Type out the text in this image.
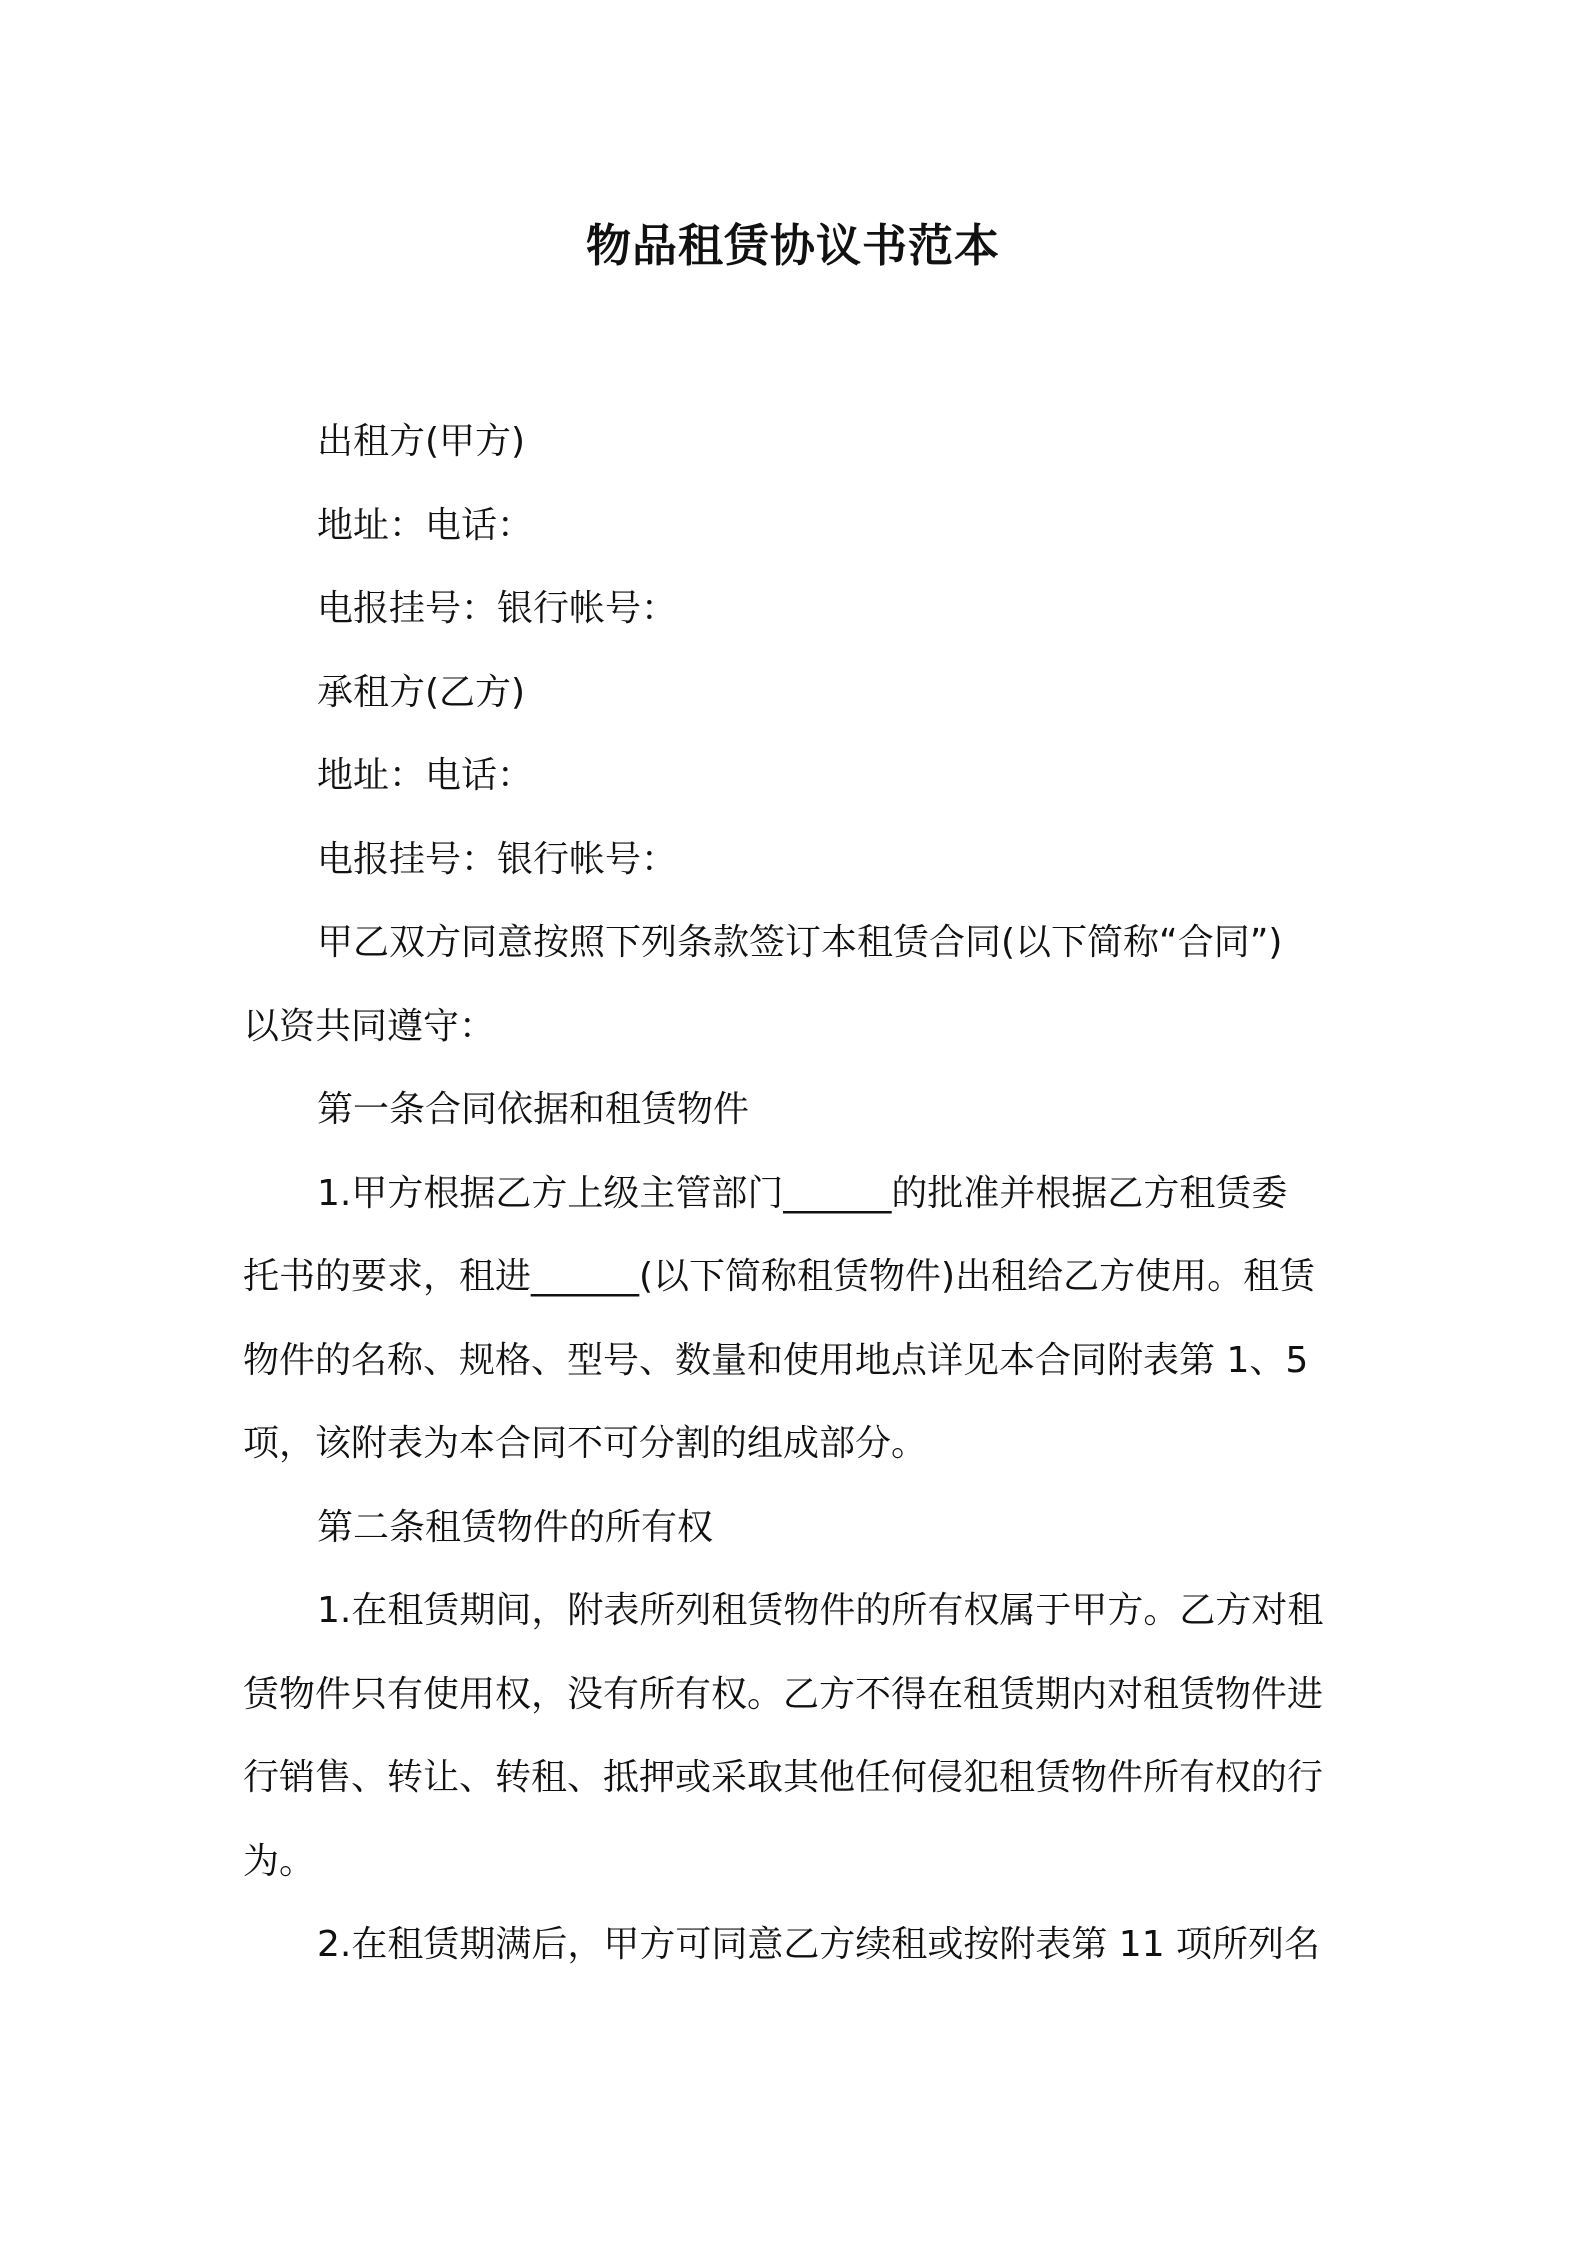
物品租赁协议书范本
出租方(甲方)
地址：电话：
电报挂号：银行帐号：
承租方(乙方)
地址：电话：
电报挂号：银行帐号：
甲乙双方同意按照下列条款签订本租赁合同(以下简称“合同”)
以资共同遵守：
第一条合同依据和租赁物件
1.甲方根据乙方上级主管部门______的批准并根据乙方租赁委
托书的要求，租进______(以下简称租赁物件)出租给乙方使用。租赁
物件的名称、规格、型号、数量和使用地点详见本合同附表第 1、5
项，该附表为本合同不可分割的组成部分。
第二条租赁物件的所有权
1.在租赁期间，附表所列租赁物件的所有权属于甲方。乙方对租
赁物件只有使用权，没有所有权。乙方不得在租赁期内对租赁物件进
行销售、转让、转租、抵押或采取其他任何侵犯租赁物件所有权的行
为。
2.在租赁期满后，甲方可同意乙方续租或按附表第 11 项所列名
